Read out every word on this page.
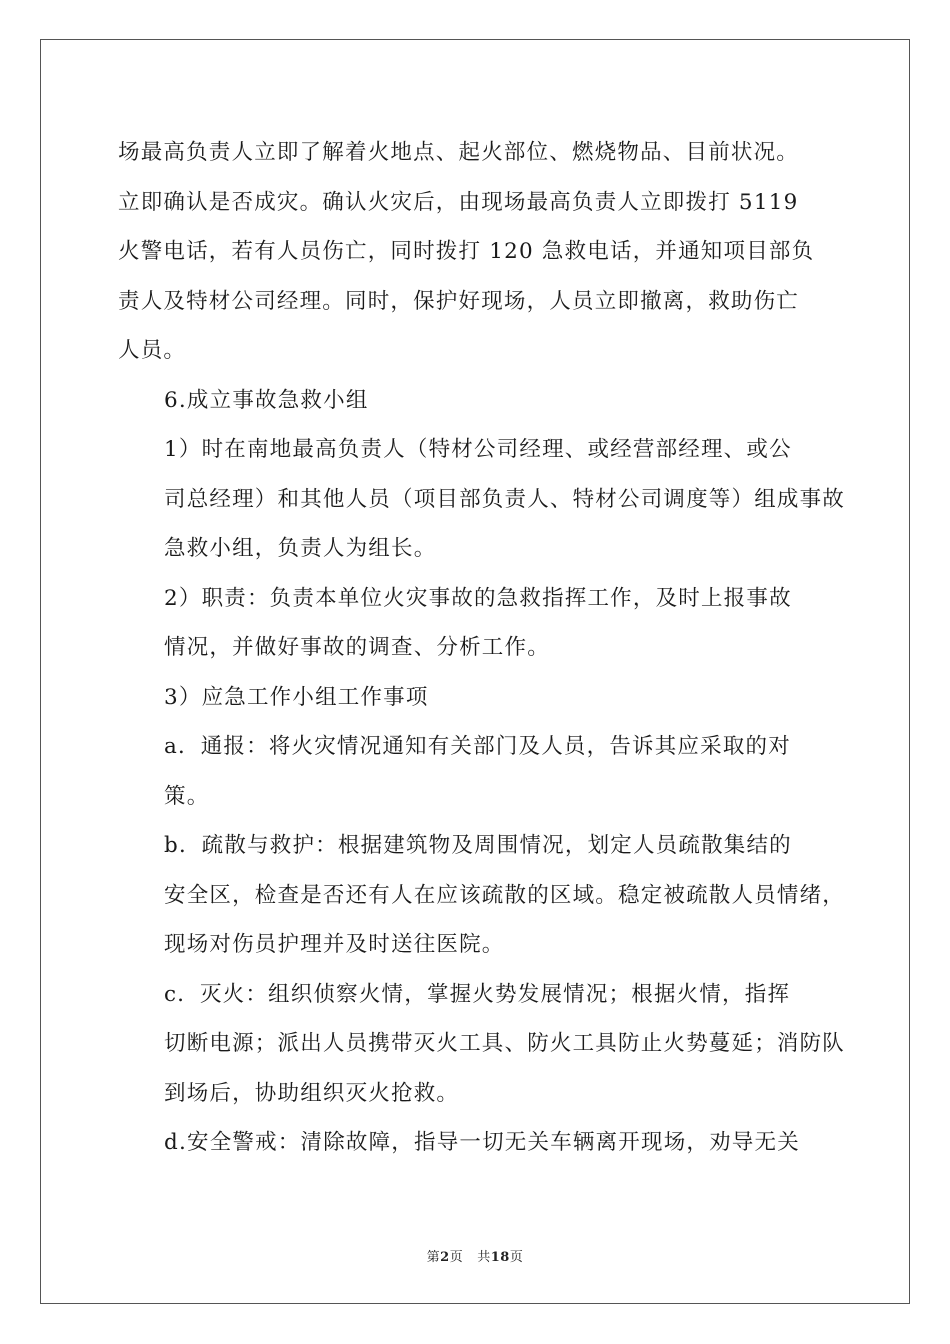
场最高负责人立即了解着火地点、起火部位、燃烧物品、目前状况。
立即确认是否成灾。确认火灾后，由现场最高负责人立即拨打 5119
火警电话，若有人员伤亡，同时拨打 120 急救电话，并通知项目部负
责人及特材公司经理。同时，保护好现场，人员立即撤离，救助伤亡
人员。

6.成立事故急救小组

1）时在南地最高负责人（特材公司经理、或经营部经理、或公
司总经理）和其他人员（项目部负责人、特材公司调度等）组成事故
急救小组，负责人为组长。

2）职责：负责本单位火灾事故的急救指挥工作，及时上报事故
情况，并做好事故的调查、分析工作。

3）应急工作小组工作事项

a．通报：将火灾情况通知有关部门及人员，告诉其应采取的对
策。

b．疏散与救护：根据建筑物及周围情况，划定人员疏散集结的
安全区，检查是否还有人在应该疏散的区域。稳定被疏散人员情绪，
现场对伤员护理并及时送往医院。

c．灭火：组织侦察火情，掌握火势发展情况；根据火情，指挥
切断电源；派出人员携带灭火工具、防火工具防止火势蔓延；消防队
到场后，协助组织灭火抢救。

d.安全警戒：清除故障，指导一切无关车辆离开现场，劝导无关

第2页 共18页
